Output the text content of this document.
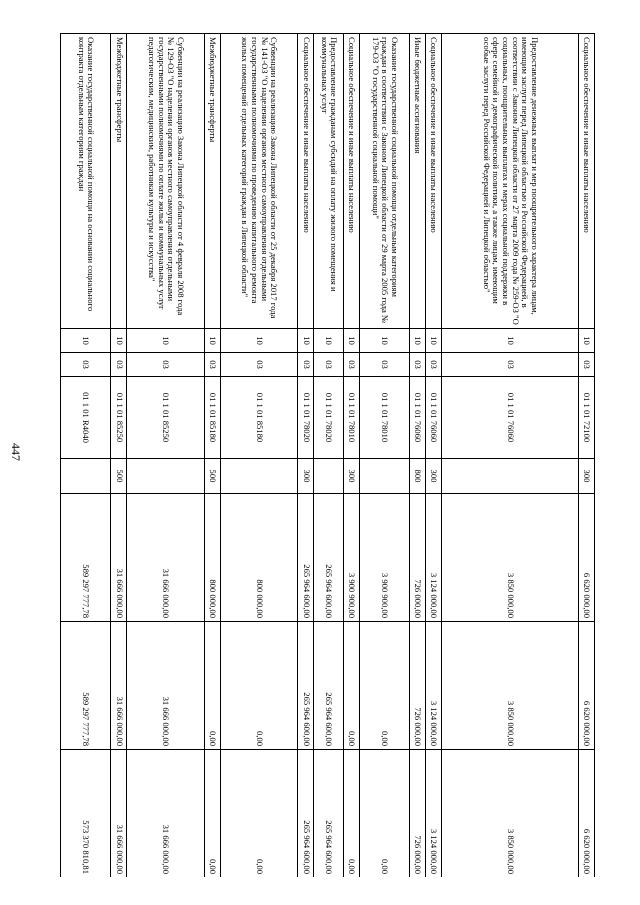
447
Социальное обеспечение и иные выплаты населению	10	03	01 1 01 72100	300	6 620 000,00	6 620 000,00	6 620 000,00
Предоставление денежных выплат и мер поощрительного характера лицам, имеющим заслуги перед Липецкой областью и Российской Федерацией, в соответствии с Законом Липецкой области от 27 марта 2009 года № 259-ОЗ "О социальных, поощрительных выплатах и мерах социальной поддержки в сфере семейной и демографической политики, а также лицам, имеющим особые заслуги перед Российской Федерацией и Липецкой областью"	10	03	01 1 01 76060		3 850 000,00	3 850 000,00	3 850 000,00
Социальное обеспечение и иные выплаты населению	10	03	01 1 01 76060	300	3 124 000,00	3 124 000,00	3 124 000,00
Иные бюджетные ассигнования	10	03	01 1 01 76060	800	726 000,00	726 000,00	726 000,00
Оказание государственной социальной помощи отдельным категориям граждан в соответствии с Законом Липецкой области от 29 марта 2005 года № 179-ОЗ "О государственной социальной помощи"	10	03	01 1 01 78010		3 900 900,00	0,00	0,00
Социальное обеспечение и иные выплаты населению	10	03	01 1 01 78010	300	3 900 900,00	0,00	0,00
Предоставление гражданам субсидий на оплату жилого помещения и коммунальных услуг	10	03	01 1 01 78020		265 964 600,00	265 964 600,00	265 964 600,00
Социальное обеспечение и иные выплаты населению	10	03	01 1 01 78020	300	265 964 600,00	265 964 600,00	265 964 600,00
Субвенции на реализацию Закона Липецкой области от 25 декабря 2017 года № 141-ОЗ "О наделении органов местного самоуправления отдельными государственными полномочиями по проведению капитального ремонта жилых помещений отдельных категорий граждан в Липецкой области"	10	03	01 1 01 85180		800 000,00	0,00	0,00
Межбюджетные трансферты	10	03	01 1 01 85180	500	800 000,00	0,00	0,00
Субвенции на реализацию Закона Липецкой области от 4 февраля 2008 года № 129-ОЗ "О наделении органов местного самоуправления отдельными государственными полномочиями по оплате жилья и коммунальных услуг педагогическим, медицинским, работникам культуры и искусства"	10	03	01 1 01 85250		31 666 000,00	31 666 000,00	31 666 000,00
Межбюджетные трансферты	10	03	01 1 01 85250	500	31 666 000,00	31 666 000,00	31 666 000,00
Оказание государственной социальной помощи на основании социального контракта отдельным категориям граждан	10	03	01 1 01 R4040		589 297 777,78	589 297 777,78	573 370 810,81
